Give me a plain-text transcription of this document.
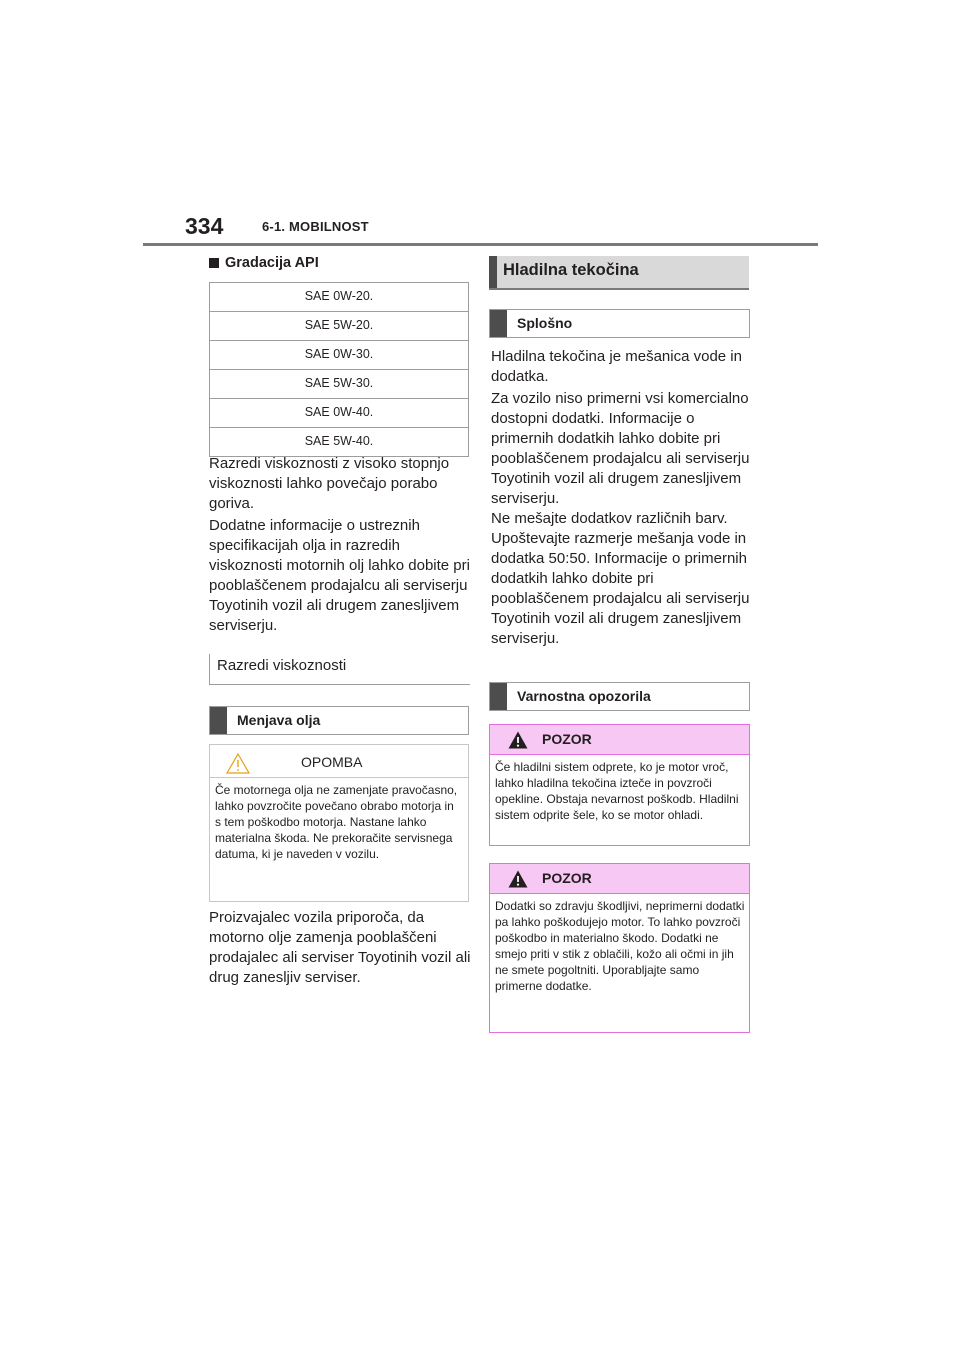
334	6-1. MOBILNOST
Gradacija API
SAE 0W-20.
SAE 5W-20.
SAE 0W-30.
SAE 5W-30.
SAE 0W-40.
SAE 5W-40.
Razredi viskoznosti z visoko stopnjo viskoznosti lahko povečajo porabo goriva.
Dodatne informacije o ustreznih specifikacijah olja in razredih viskoznosti motornih olj lahko dobite pri pooblaščenem prodajalcu ali serviserju Toyotinih vozil ali drugem zanesljivem serviserju.
Razredi viskoznosti
Menjava olja
OPOMBA
Če motornega olja ne zamenjate pravočasno, lahko povzročite povečano obrabo motorja in s tem poškodbo motorja. Nastane lahko materialna škoda. Ne prekoračite servisnega datuma, ki je naveden v vozilu.
Proizvajalec vozila priporoča, da motorno olje zamenja pooblaščeni prodajalec ali serviser Toyotinih vozil ali drug zanesljiv serviser.
Hladilna tekočina
Splošno
Hladilna tekočina je mešanica vode in dodatka.
Za vozilo niso primerni vsi komercialno dostopni dodatki. Informacije o primernih dodatkih lahko dobite pri pooblaščenem prodajalcu ali serviserju Toyotinih vozil ali drugem zanesljivem serviserju.
Ne mešajte dodatkov različnih barv. Upoštevajte razmerje mešanja vode in dodatka 50:50. Informacije o primernih dodatkih lahko dobite pri pooblaščenem prodajalcu ali serviserju Toyotinih vozil ali drugem zanesljivem serviserju.
Varnostna opozorila
POZOR
Če hladilni sistem odprete, ko je motor vroč, lahko hladilna tekočina izteče in povzroči opekline. Obstaja nevarnost poškodb. Hladilni sistem odprite šele, ko se motor ohladi.
POZOR
Dodatki so zdravju škodljivi, neprimerni dodatki pa lahko poškodujejo motor. To lahko povzroči poškodbo in materialno škodo. Dodatki ne smejo priti v stik z oblačili, kožo ali očmi in jih ne smete pogoltniti. Uporabljajte samo primerne dodatke.
